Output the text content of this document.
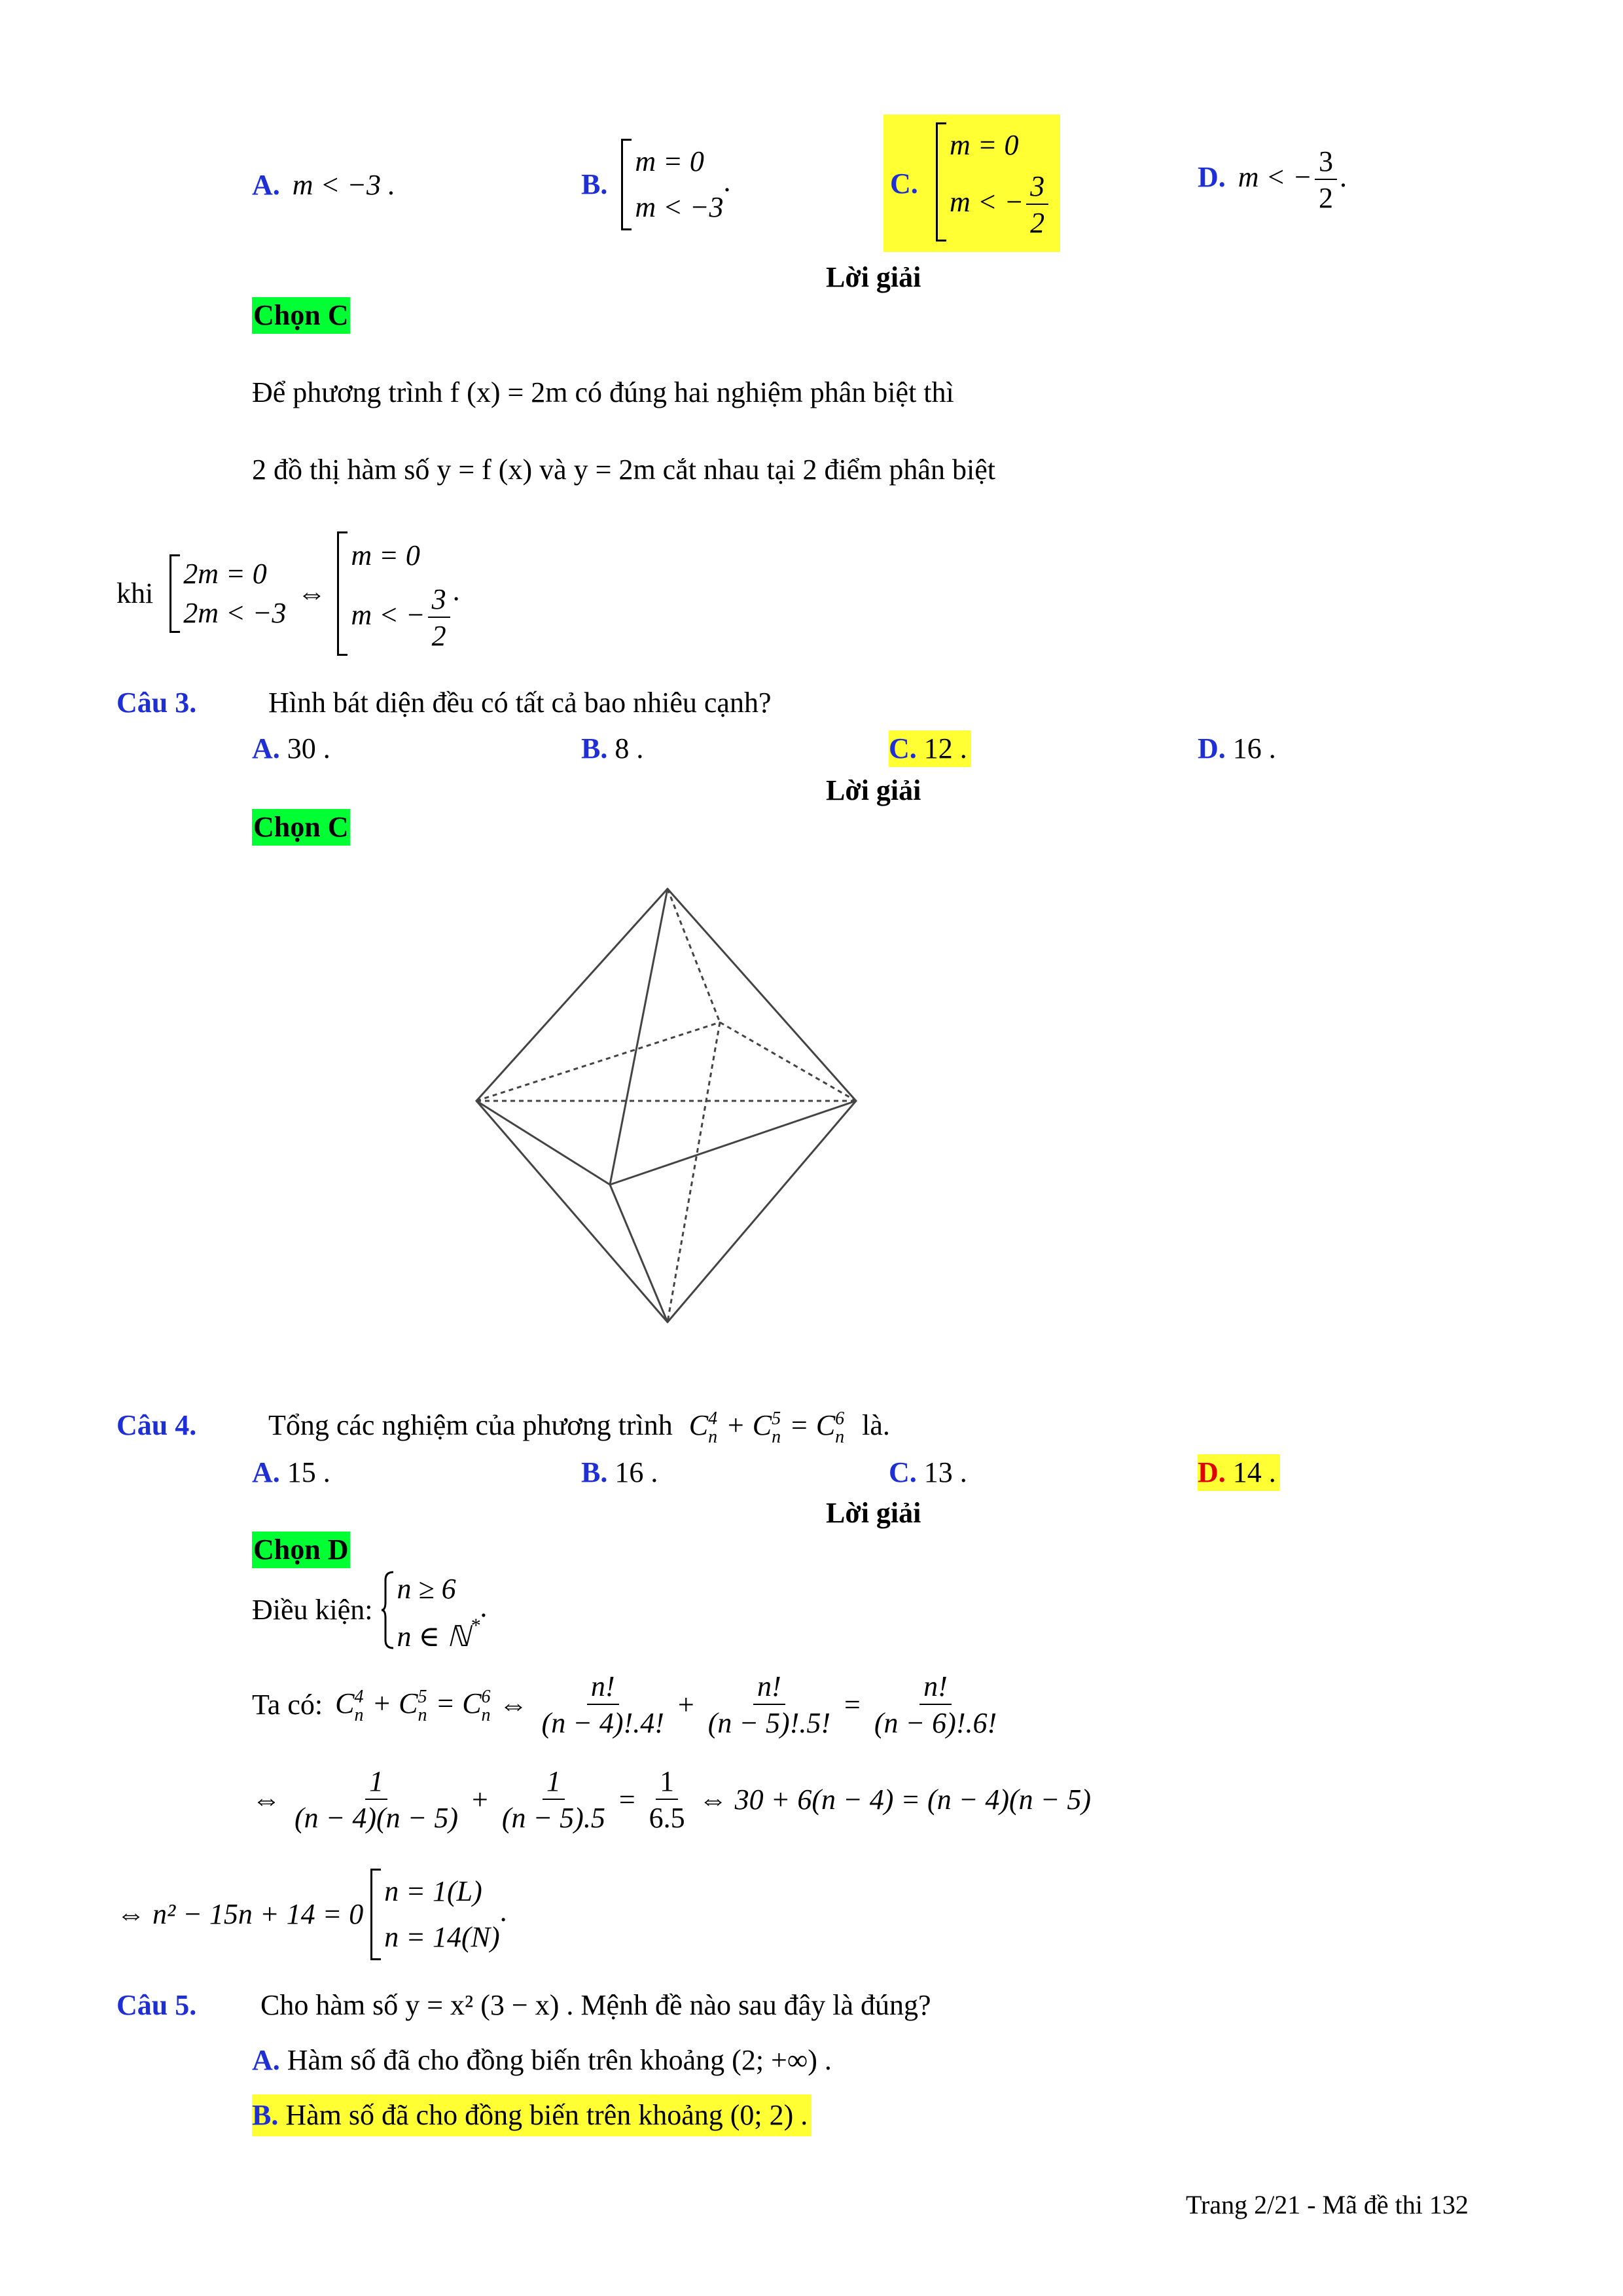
A. m < −3 .	B.
m = 0
m < −3
.	C.
m = 0
m < − $\frac{3}{2}$	D. m < − $\frac{3}{2}$ .
Lời giải
Chọn C
Để phương trình f (x) = 2m có đúng hai nghiệm phân biệt thì
2 đồ thị hàm số y = f (x) và y = 2m cắt nhau tại 2 điểm phân biệt
khi
2m = 0
2m < −3
⇔
m = 0
m < − $\frac{3}{2}$ .
Câu 3. Hình bát diện đều có tất cả bao nhiêu cạnh?
A. 30 .	B. 8 .	C. 12 .	D. 16 .
Lời giải
Chọn C
Câu 4. Tổng các nghiệm của phương trình C 4
n + C 5
n = C 6
n là.
A. 15 .	B. 16 .	C. 13 .	D. 14 .
Lời giải
Chọn D
Điều kiện:
n ≥ 6
n ∈ ℕ*
.
Ta có: C 4
n + C 5
n = C 6
n ⇔ $\frac{n!}{(n - 4)!.4!} + \frac{n!}{(n - 5)!.5!} = \frac{n!}{(n - 6)!.6!}$
⇔ $\frac{1}{(n - 4)(n - 5)} + \frac{1}{(n - 5).5} = \frac{1}{6.5}$ ⇔ 30 + 6(n − 4) = (n − 4)(n − 5)
⇔ n² − 15n + 14 = 0
n = 1(L)
n = 14(N)
.
Câu 5. Cho hàm số y = x² (3 − x) . Mệnh đề nào sau đây là đúng?
A. Hàm số đã cho đồng biến trên khoảng (2; +∞) .
B. Hàm số đã cho đồng biến trên khoảng (0; 2) .
Trang 2/21 - Mã đề thi 132
